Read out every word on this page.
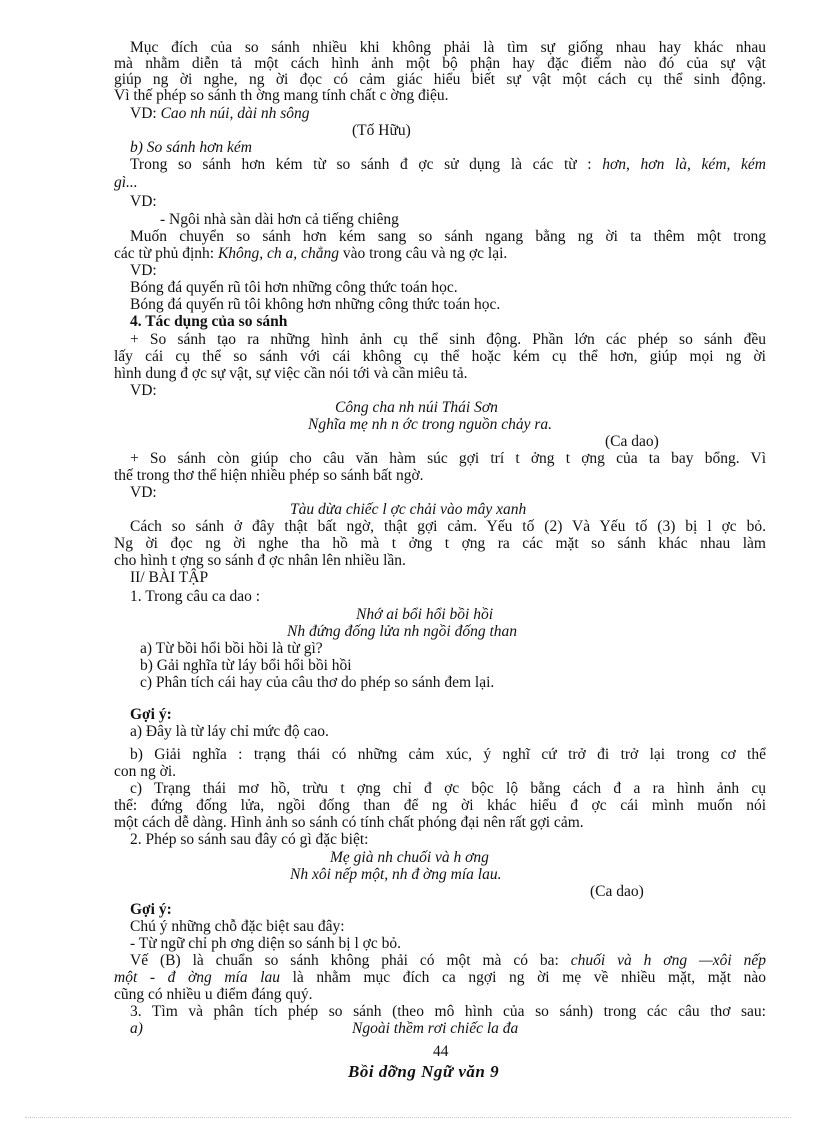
Mục đích của so sánh nhiều khi không phải là tìm sự giống nhau hay khác nhau
mà nhằm diễn tả một cách hình ảnh một bộ phận hay đặc điểm nào đó của sự vật
giúp ng ời nghe, ng ời đọc có cảm giác hiểu biết sự vật một cách cụ thể sinh động.
Vì thế phép so sánh th ờng mang tính chất c ờng điệu.
VD: Cao nh núi, dài nh sông
(Tố Hữu)
b) So sánh hơn kém
Trong so sánh hơn kém từ so sánh đ ợc sử dụng là các từ : hơn, hơn là, kém, kém
gì...
VD:
- Ngôi nhà sàn dài hơn cả tiếng chiêng
Muốn chuyển so sánh hơn kém sang so sánh ngang bằng ng ời ta thêm một trong
các từ phủ định: Không, ch a, chẳng vào trong câu và ng ợc lại.
VD:
Bóng đá quyến rũ tôi hơn những công thức toán học.
Bóng đá quyến rũ tôi không hơn những công thức toán học.
4. Tác dụng của so sánh
+ So sánh tạo ra những hình ảnh cụ thể sinh động. Phần lớn các phép so sánh đều
lấy cái cụ thể so sánh với cái không cụ thể hoặc kém cụ thể hơn, giúp mọi ng ời
hình dung đ ợc sự vật, sự việc cần nói tới và cần miêu tả.
VD:
Công cha nh núi Thái Sơn
Nghĩa mẹ nh n ớc trong nguồn chảy ra.
(Ca dao)
+ So sánh còn giúp cho câu văn hàm súc gợi trí t ởng t ợng của ta bay bổng. Vì
thế trong thơ thể hiện nhiều phép so sánh bất ngờ.
VD:
Tàu dừa chiếc l ợc chải vào mây xanh
Cách so sánh ở đây thật bất ngờ, thật gợi cảm. Yếu tố (2) Và Yếu tố (3) bị l ợc bỏ.
Ng ời đọc ng ời nghe tha hồ mà t ởng t ợng ra các mặt so sánh khác nhau làm
cho hình t ợng so sánh đ ợc nhân lên nhiều lần.
II/ BÀI TẬP
1. Trong câu ca dao :
Nhớ ai bổi hổi bồi hồi
Nh đứng đống lửa nh ngồi đống than
a) Từ bồi hổi bồi hồi là từ gì?
b) Gải nghĩa từ láy bổi hổi bồi hồi
c) Phân tích cái hay của câu thơ do phép so sánh đem lại.
Gợi ý:
a) Đây là từ láy chỉ mức độ cao.
b) Giải nghĩa : trạng thái có những cảm xúc, ý nghĩ cứ trở đi trở lại trong cơ thể
con ng ời.
c) Trạng thái mơ hồ, trừu t ợng chỉ đ ợc bộc lộ bằng cách đ a ra hình ảnh cụ
thể: đứng đống lửa, ngồi đống than để ng ời khác hiểu đ ợc cái mình muốn nói
một cách dễ dàng. Hình ảnh so sánh có tính chất phóng đại nên rất gợi cảm.
2. Phép so sánh sau đây có gì đặc biệt:
Mẹ già nh chuối và h ơng
Nh xôi nếp một, nh đ ờng mía lau.
(Ca dao)
Gợi ý:
Chú ý những chỗ đặc biệt sau đây:
- Từ ngữ chỉ ph ơng diện so sánh bị l ợc bỏ.
Vế (B) là chuẩn so sánh không phải có một mà có ba: chuối và h ơng —xôi nếp
một - đ ờng mía lau là nhằm mục đích ca ngợi ng ời mẹ về nhiều mặt, mặt nào
cũng có nhiều u điểm đáng quý.
3. Tìm và phân tích phép so sánh (theo mô hình của so sánh) trong các câu thơ sau:
a)	Ngoài thềm rơi chiếc la đa
44
Bồi dỡng Ngữ văn 9
